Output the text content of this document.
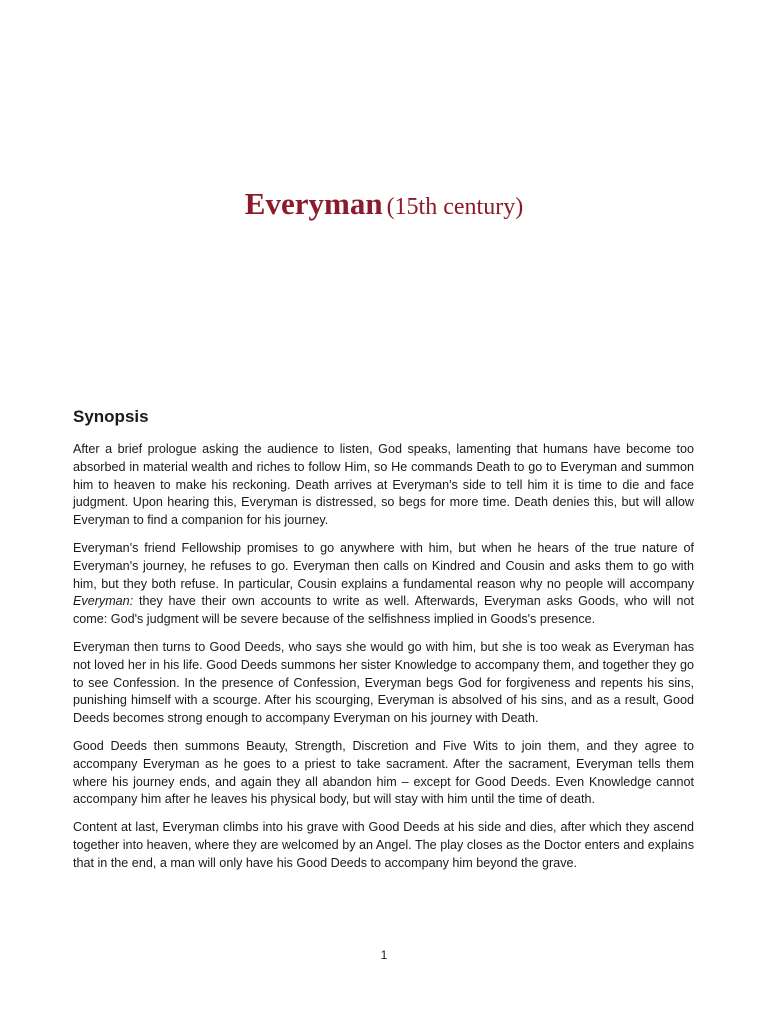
Everyman (15th century)
Synopsis

After a brief prologue asking the audience to listen, God speaks, lamenting that humans have become too absorbed in material wealth and riches to follow Him, so He commands Death to go to Everyman and summon him to heaven to make his reckoning. Death arrives at Everyman's side to tell him it is time to die and face judgment. Upon hearing this, Everyman is distressed, so begs for more time. Death denies this, but will allow Everyman to find a companion for his journey.

Everyman's friend Fellowship promises to go anywhere with him, but when he hears of the true nature of Everyman's journey, he refuses to go. Everyman then calls on Kindred and Cousin and asks them to go with him, but they both refuse. In particular, Cousin explains a fundamental reason why no people will accompany Everyman: they have their own accounts to write as well. Afterwards, Everyman asks Goods, who will not come: God's judgment will be severe because of the selfishness implied in Goods's presence.

Everyman then turns to Good Deeds, who says she would go with him, but she is too weak as Everyman has not loved her in his life. Good Deeds summons her sister Knowledge to accompany them, and together they go to see Confession. In the presence of Confession, Everyman begs God for forgiveness and repents his sins, punishing himself with a scourge. After his scourging, Everyman is absolved of his sins, and as a result, Good Deeds becomes strong enough to accompany Everyman on his journey with Death.

Good Deeds then summons Beauty, Strength, Discretion and Five Wits to join them, and they agree to accompany Everyman as he goes to a priest to take sacrament. After the sacrament, Everyman tells them where his journey ends, and again they all abandon him – except for Good Deeds. Even Knowledge cannot accompany him after he leaves his physical body, but will stay with him until the time of death.

Content at last, Everyman climbs into his grave with Good Deeds at his side and dies, after which they ascend together into heaven, where they are welcomed by an Angel. The play closes as the Doctor enters and explains that in the end, a man will only have his Good Deeds to accompany him beyond the grave.

1
